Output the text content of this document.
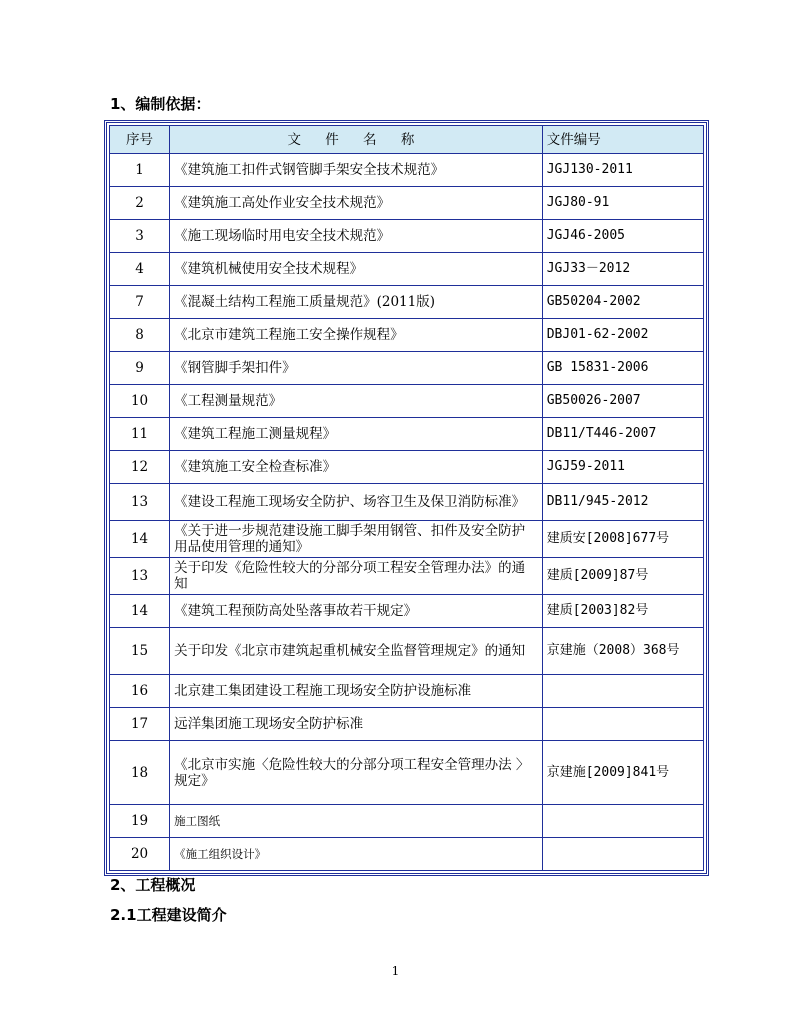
1、编制依据：
序号	文 件 名 称	文件编号
1	《建筑施工扣件式钢管脚手架安全技术规范》	JGJ130-2011
2	《建筑施工高处作业安全技术规范》	JGJ80-91
3	《施工现场临时用电安全技术规范》	JGJ46-2005
4	《建筑机械使用安全技术规程》	JGJ33－2012
7	《混凝土结构工程施工质量规范》(2011版)	GB50204-2002
8	《北京市建筑工程施工安全操作规程》	DBJ01-62-2002
9	《钢管脚手架扣件》	GB 15831-2006
10	《工程测量规范》	GB50026-2007
11	《建筑工程施工测量规程》	DB11/T446-2007
12	《建筑施工安全检查标准》	JGJ59-2011
13	《建设工程施工现场安全防护、场容卫生及保卫消防标准》	DB11/945-2012
14	《关于进一步规范建设施工脚手架用钢管、扣件及安全防护用品使用管理的通知》	建质安[2008]677号
13	关于印发《危险性较大的分部分项工程安全管理办法》的通知	建质[2009]87号
14	《建筑工程预防高处坠落事故若干规定》	建质[2003]82号
15	关于印发《北京市建筑起重机械安全监督管理规定》的通知	京建施（2008）368号
16	北京建工集团建设工程施工现场安全防护设施标准	
17	远洋集团施工现场安全防护标准	
18	《北京市实施〈危险性较大的分部分项工程安全管理办法 〉规定》	京建施[2009]841号
19	施工图纸	
20	《施工组织设计》	
2、工程概况
2.1工程建设简介
1
